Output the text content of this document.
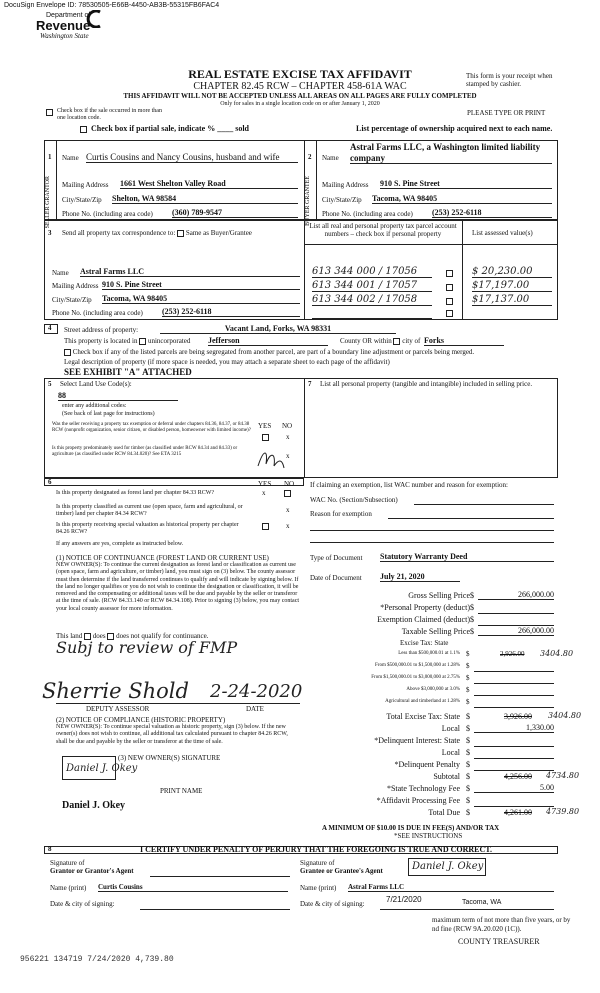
DocuSign Envelope ID: 78530505-E66B-4450-AB3B-55315FB6FAC4
Department of
Revenue
Washington State
REAL ESTATE EXCISE TAX AFFIDAVIT
CHAPTER 82.45 RCW – CHAPTER 458-61A WAC
THIS AFFIDAVIT WILL NOT BE ACCEPTED UNLESS ALL AREAS ON ALL PAGES ARE FULLY COMPLETED
Only for sales in a single location code on or after January 1, 2020
This form is your receipt when stamped by cashier.
PLEASE TYPE OR PRINT
Check box if the sale occurred in more than one location code.
Check box if partial sale, indicate % ____ sold	List percentage of ownership acquired next to each name.
1
SELLER GRANTOR
Name Curtis Cousins and Nancy Cousins, husband and wife
Mailing Address 1661 West Shelton Valley Road
City/State/Zip Shelton, WA 98584
Phone No. (including area code) (360) 789-9547
2
BUYER GRANTEE
Name
Astral Farms LLC, a Washington limited liability
company
Mailing Address 910 S. Pine Street
City/State/Zip Tacoma, WA 98405
Phone No. (including area code) (253) 252-6118
3 Send all property tax correspondence to: Same as Buyer/Grantee
List all real and personal property tax parcel account numbers – check box if personal property	List assessed value(s)
Name Astral Farms LLC
Mailing Address 910 S. Pine Street
City/State/Zip Tacoma, WA 98405
Phone No. (including area code) (253) 252-6118
613 344 000 / 17056	$ 20,230.00
613 344 001 / 17057	$17,197.00
613 344 002 / 17058	$17,137.00
4 Street address of property:	Vacant Land, Forks, WA 98331
This property is located in unincorporated Jefferson	County OR within city of Forks
Check box if any of the listed parcels are being segregated from another parcel, are part of a boundary line adjustment or parcels being merged.
Legal description of property (if more space is needed, you may attach a separate sheet to each page of the affidavit)
SEE EXHIBIT "A" ATTACHED
5 Select Land Use Code(s):
88
enter any additional codes:
(See back of last page for instructions)
YES NO
Was the seller receiving a property tax exemption or deferral under chapters 84.36, 84.37, or 84.38 RCW (nonprofit organization, senior citizen, or disabled person, homeowner with limited income)?
x
Is this property predominately used for timber (as classified under RCW 84.34 and 84.33) or agriculture (as classified under RCW 84.34.020)? See ETA 3215	x
7 List all personal property (tangible and intangible) included in selling price.
6	YES NO
Is this property designated as forest land per chapter 84.33 RCW?	x
Is this property classified as current use (open space, farm and agricultural, or timber) land per chapter 84.34 RCW?	x
Is this property receiving special valuation as historical property per chapter 84.26 RCW?
x
If any answers are yes, complete as instructed below.
(1) NOTICE OF CONTINUANCE (FOREST LAND OR CURRENT USE)
NEW OWNER(S): To continue the current designation as forest land or classification as current use (open space, farm and agriculture, or timber) land, you must sign on (3) below. The county assessor must then determine if the land transferred continues to qualify and will indicate by signing below. If the land no longer qualifies or you do not wish to continue the designation or classification, it will be removed and the compensating or additional taxes will be due and payable by the seller or transferor at the time of sale. (RCW 84.33.140 or RCW 84.34.108). Prior to signing (3) below, you may contact your local county assessor for more information.
This land does does not qualify for continuance.
Subj to review of FMP
Sherrie Shold 2-24-2020
DEPUTY ASSESSOR	DATE
(2) NOTICE OF COMPLIANCE (HISTORIC PROPERTY)
NEW OWNER(S): To continue special valuation as historic property, sign (3) below. If the new owner(s) does not wish to continue, all additional tax calculated pursuant to chapter 84.26 RCW, shall be due and payable by the seller or transferor at the time of sale.
(3) NEW OWNER(S) SIGNATURE
Daniel J. Okey
PRINT NAME
Daniel J. Okey
If claiming an exemption, list WAC number and reason for exemption:
WAC No. (Section/Subsection)
Reason for exemption
Type of Document Statutory Warranty Deed
Date of Document July 21, 2020
Gross Selling Price $	266,000.00
*Personal Property (deduct) $
Exemption Claimed (deduct) $
Taxable Selling Price $	266,000.00
Excise Tax: State
Less than $500,000.01 at 1.1% $	2,926.00 3404.80
From $500,000.01 to $1,500,000 at 1.28% $
From $1,500,000.01 to $3,000,000 at 2.75% $
Above $3,000,000 at 3.0% $
Agricultural and timberland at 1.28% $
Total Excise Tax: State $	3,926.00 3404.80
Local $	1,330.00
*Delinquent Interest: State $
Local $
*Delinquent Penalty $
Subtotal $	4,256.00 4734.80
*State Technology Fee $	5.00
*Affidavit Processing Fee $
Total Due $	4,261.00 4739.80
A MINIMUM OF $10.00 IS DUE IN FEE(S) AND/OR TAX
*SEE INSTRUCTIONS
8	I CERTIFY UNDER PENALTY OF PERJURY THAT THE FOREGOING IS TRUE AND CORRECT.
Signature of
Grantor or Grantor's Agent
Signature of
Grantee or Grantee's Agent	Daniel J. Okey
Name (print) Curtis Cousins	Name (print) Astral Farms LLC
Date & city of signing:	Date & city of signing:	7/21/2020	Tacoma, WA
maximum term of not more than five years, or by
nd fine (RCW 9A.20.020 (1C)).
COUNTY TREASURER
956221 134719 7/24/2020 4,739.80
